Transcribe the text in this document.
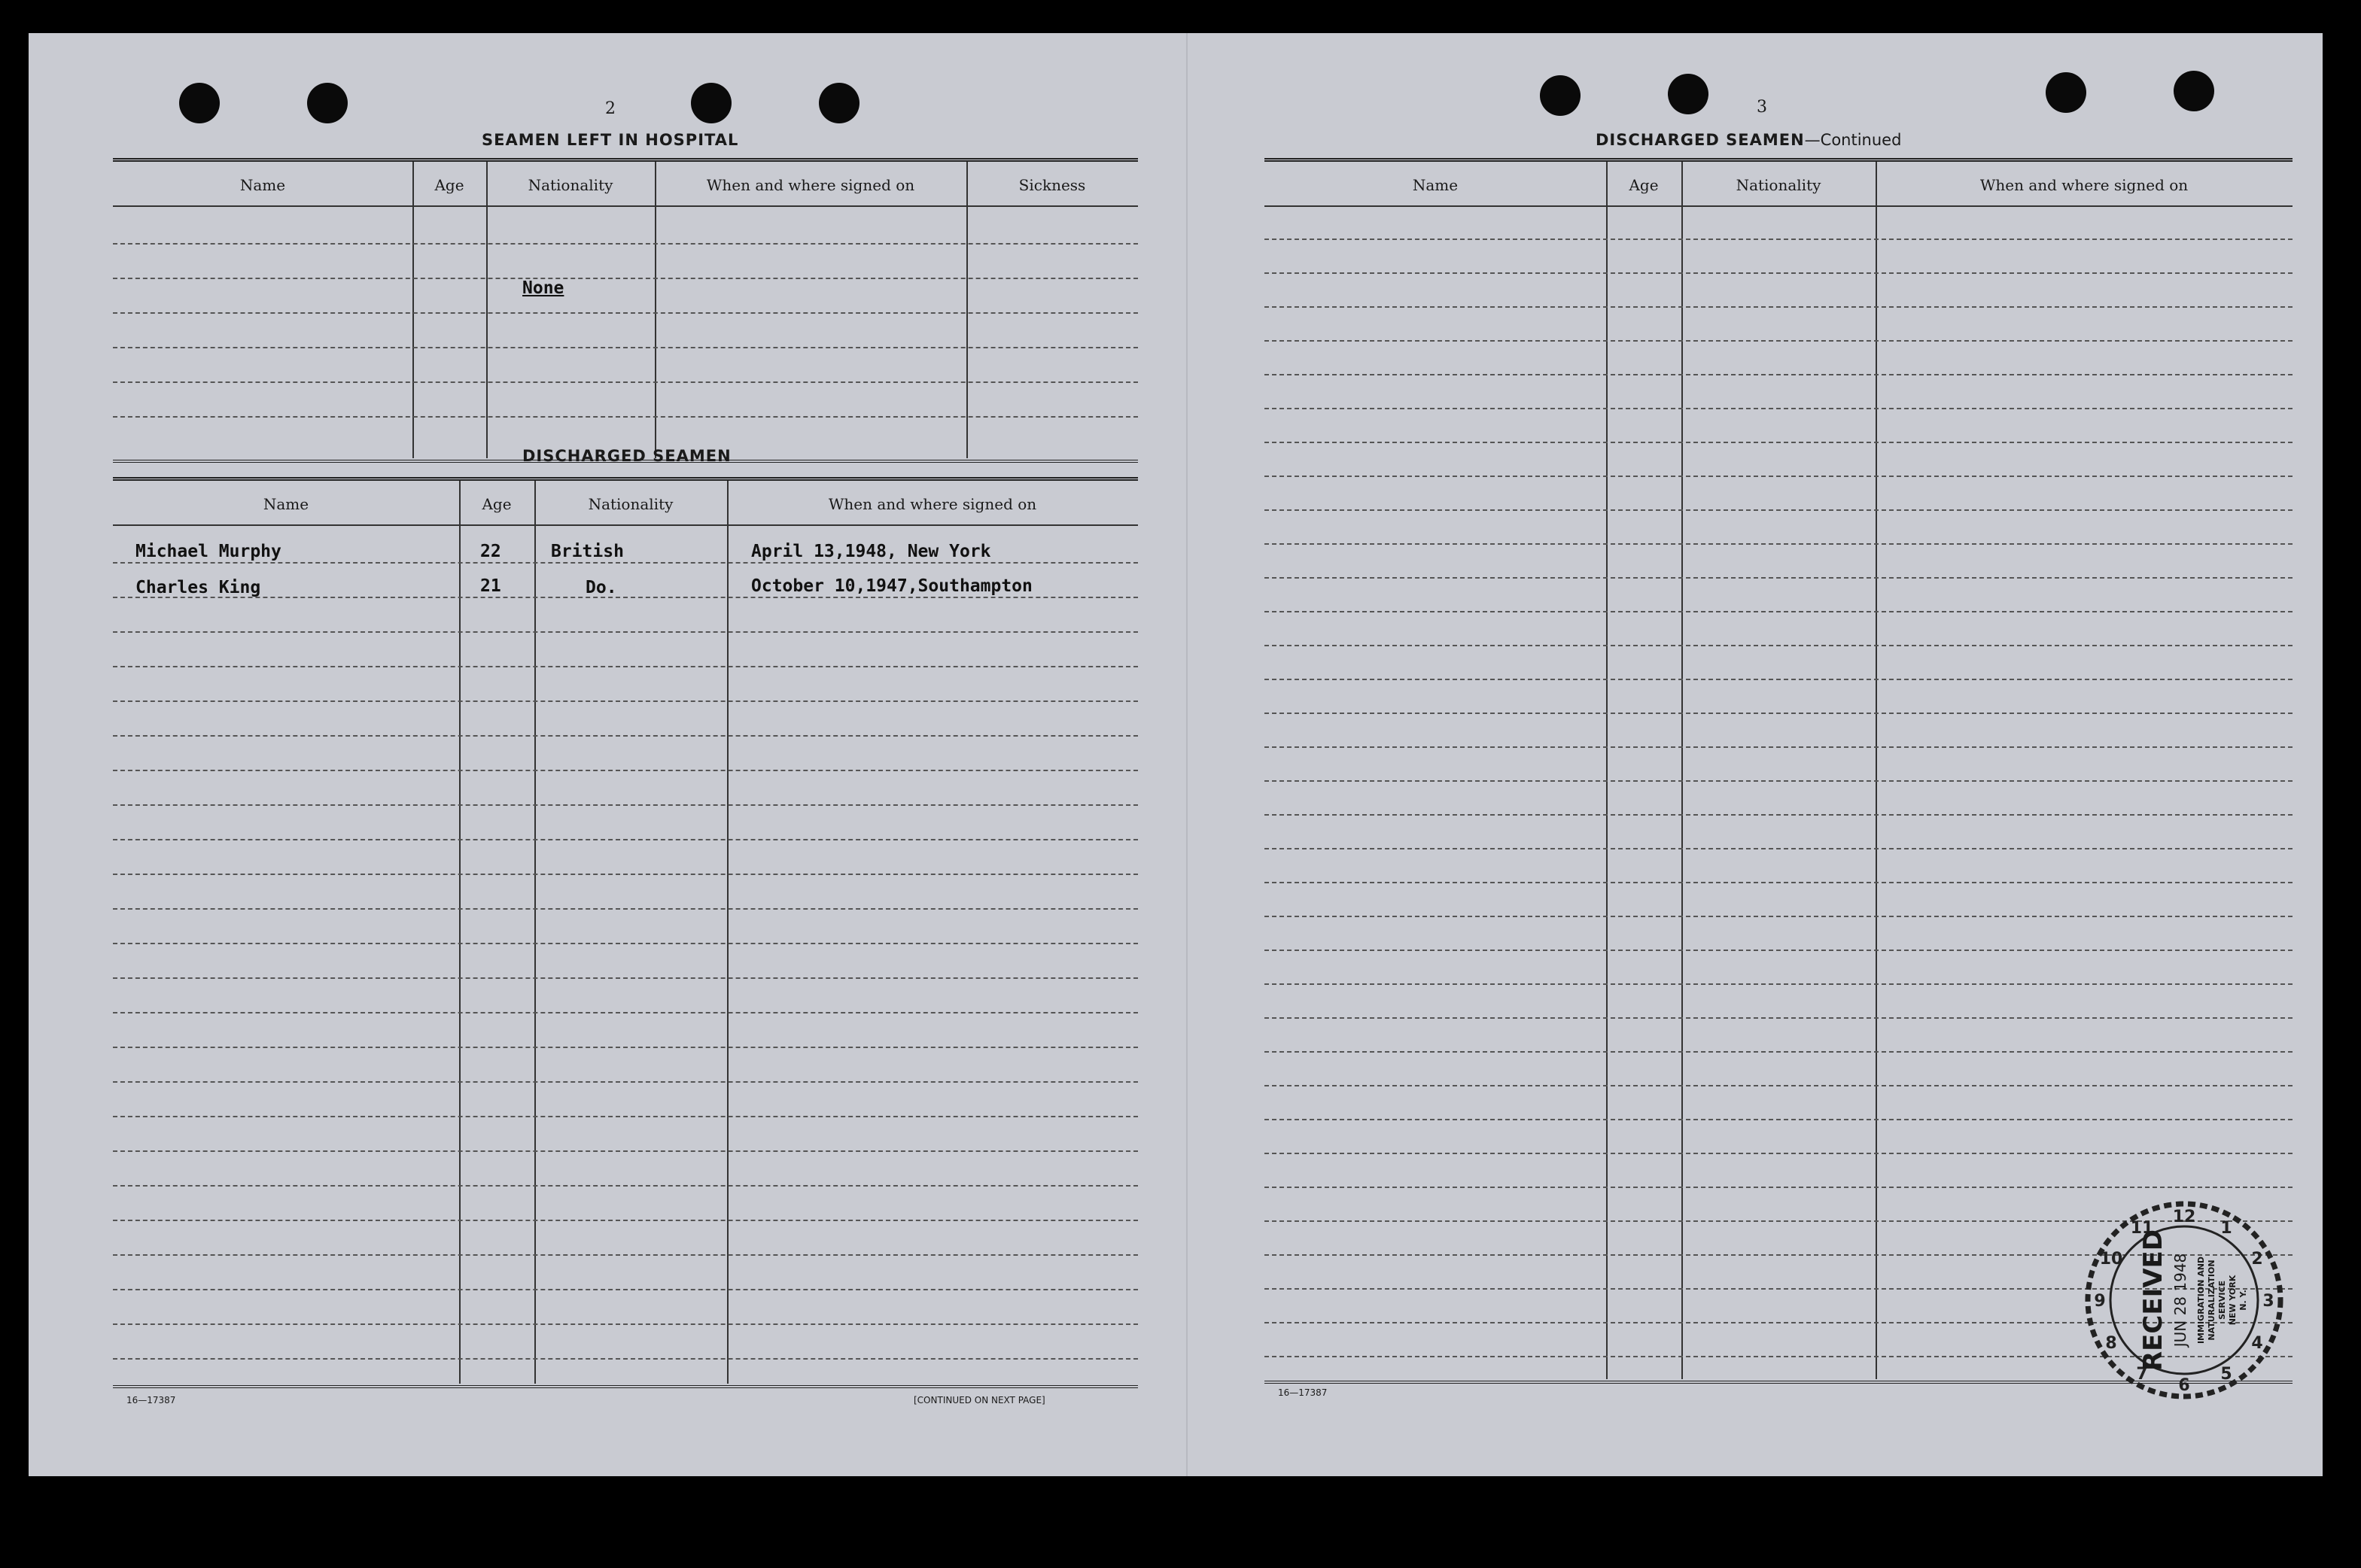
2
SEAMEN LEFT IN HOSPITAL
Name	Age	Nationality	When and where signed on	Sickness
None
DISCHARGED SEAMEN
Name	Age	Nationality	When and where signed on
Michael Murphy	22	British	April 13,1948, New York
Charles King	21	Do.	October 10,1947,Southampton
16—17387	[CONTINUED ON NEXT PAGE]
3
DISCHARGED SEAMEN—Continued
Name	Age	Nationality	When and where signed on
16—17387
1
2
3
4
5
6
7
8
9
10
11
12
RECEIVED JUN 28 1948 IMMIGRATION AND NATURALIZATION SERVICE NEW YORK N. Y.
